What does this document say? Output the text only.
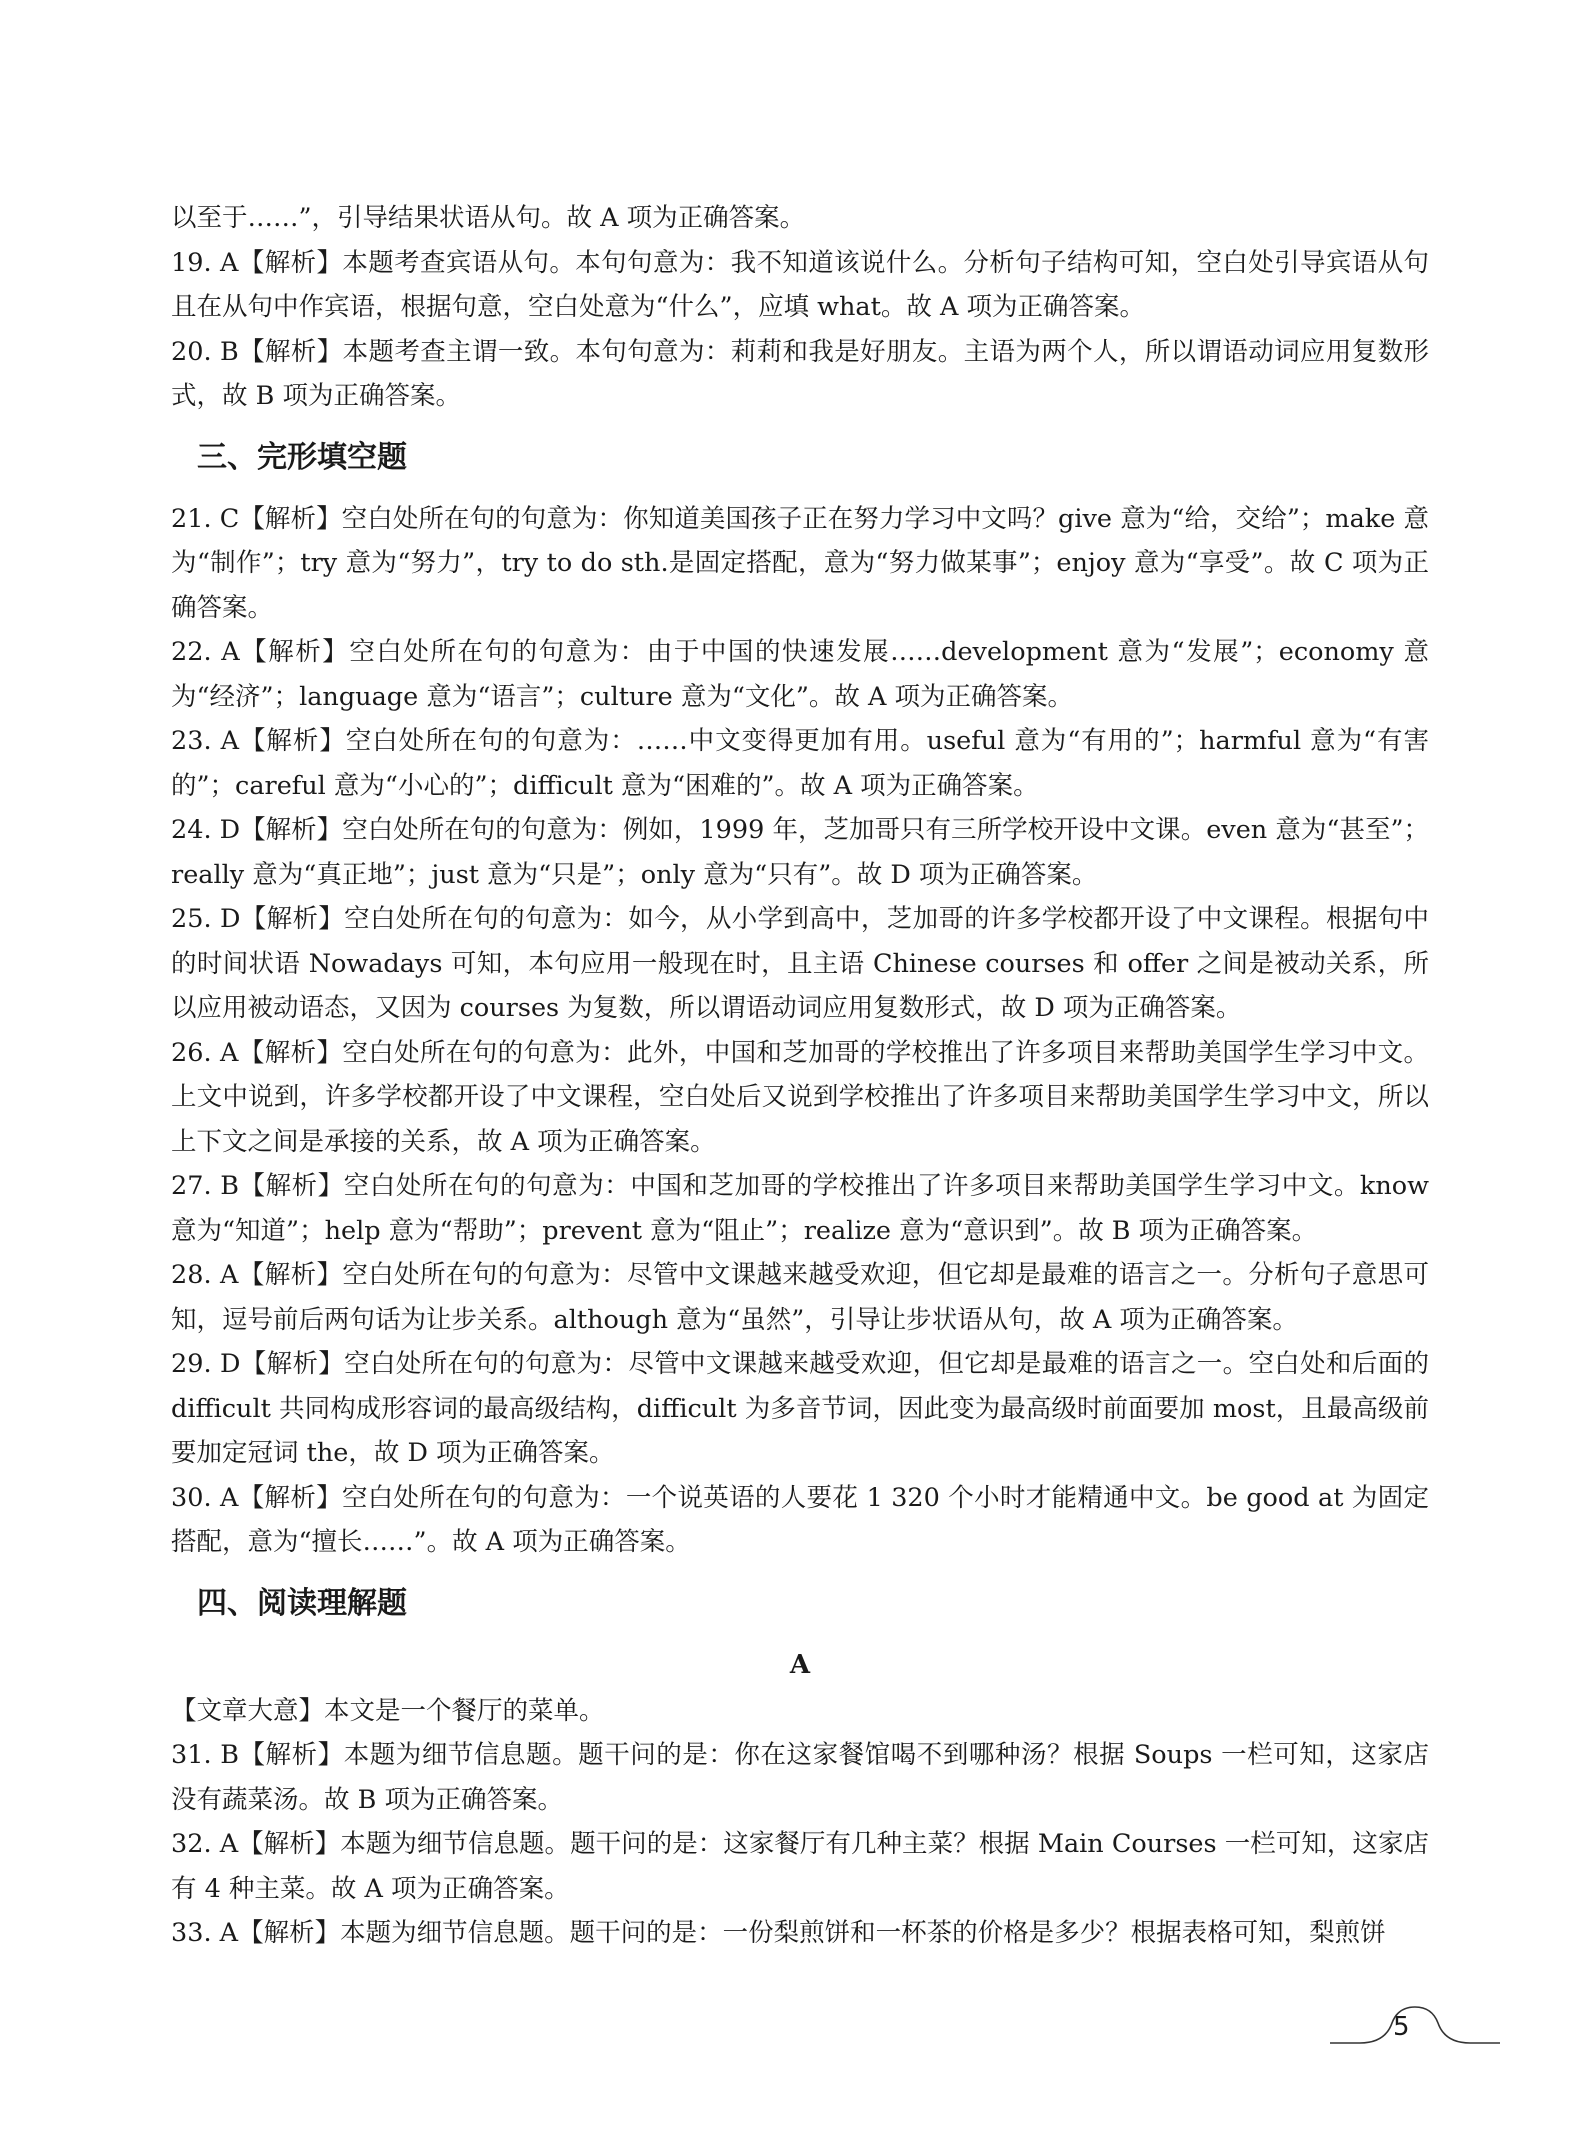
以至于……”，引导结果状语从句。故 A 项为正确答案。

19. A【解析】本题考查宾语从句。本句句意为：我不知道该说什么。分析句子结构可知，空白处引导宾语从句且在从句中作宾语，根据句意，空白处意为“什么”，应填 what。故 A 项为正确答案。

20. B【解析】本题考查主谓一致。本句句意为：莉莉和我是好朋友。主语为两个人，所以谓语动词应用复数形式，故 B 项为正确答案。

三、完形填空题

21. C【解析】空白处所在句的句意为：你知道美国孩子正在努力学习中文吗？give 意为“给，交给”；make 意为“制作”；try 意为“努力”，try to do sth.是固定搭配，意为“努力做某事”；enjoy 意为“享受”。故 C 项为正确答案。

22. A【解析】空白处所在句的句意为：由于中国的快速发展……development 意为“发展”；economy 意为“经济”；language 意为“语言”；culture 意为“文化”。故 A 项为正确答案。

23. A【解析】空白处所在句的句意为：……中文变得更加有用。useful 意为“有用的”；harmful 意为“有害的”；careful 意为“小心的”；difficult 意为“困难的”。故 A 项为正确答案。

24. D【解析】空白处所在句的句意为：例如，1999 年，芝加哥只有三所学校开设中文课。even 意为“甚至”；really 意为“真正地”；just 意为“只是”；only 意为“只有”。故 D 项为正确答案。

25. D【解析】空白处所在句的句意为：如今，从小学到高中，芝加哥的许多学校都开设了中文课程。根据句中的时间状语 Nowadays 可知，本句应用一般现在时，且主语 Chinese courses 和 offer 之间是被动关系，所以应用被动语态，又因为 courses 为复数，所以谓语动词应用复数形式，故 D 项为正确答案。

26. A【解析】空白处所在句的句意为：此外，中国和芝加哥的学校推出了许多项目来帮助美国学生学习中文。上文中说到，许多学校都开设了中文课程，空白处后又说到学校推出了许多项目来帮助美国学生学习中文，所以上下文之间是承接的关系，故 A 项为正确答案。

27. B【解析】空白处所在句的句意为：中国和芝加哥的学校推出了许多项目来帮助美国学生学习中文。know 意为“知道”；help 意为“帮助”；prevent 意为“阻止”；realize 意为“意识到”。故 B 项为正确答案。

28. A【解析】空白处所在句的句意为：尽管中文课越来越受欢迎，但它却是最难的语言之一。分析句子意思可知，逗号前后两句话为让步关系。although 意为“虽然”，引导让步状语从句，故 A 项为正确答案。

29. D【解析】空白处所在句的句意为：尽管中文课越来越受欢迎，但它却是最难的语言之一。空白处和后面的 difficult 共同构成形容词的最高级结构，difficult 为多音节词，因此变为最高级时前面要加 most，且最高级前要加定冠词 the，故 D 项为正确答案。

30. A【解析】空白处所在句的句意为：一个说英语的人要花 1 320 个小时才能精通中文。be good at 为固定搭配，意为“擅长……”。故 A 项为正确答案。

四、阅读理解题
A

【文章大意】本文是一个餐厅的菜单。

31. B【解析】本题为细节信息题。题干问的是：你在这家餐馆喝不到哪种汤？根据 Soups 一栏可知，这家店没有蔬菜汤。故 B 项为正确答案。

32. A【解析】本题为细节信息题。题干问的是：这家餐厅有几种主菜？根据 Main Courses 一栏可知，这家店有 4 种主菜。故 A 项为正确答案。

33. A【解析】本题为细节信息题。题干问的是：一份梨煎饼和一杯茶的价格是多少？根据表格可知，梨煎饼

5
